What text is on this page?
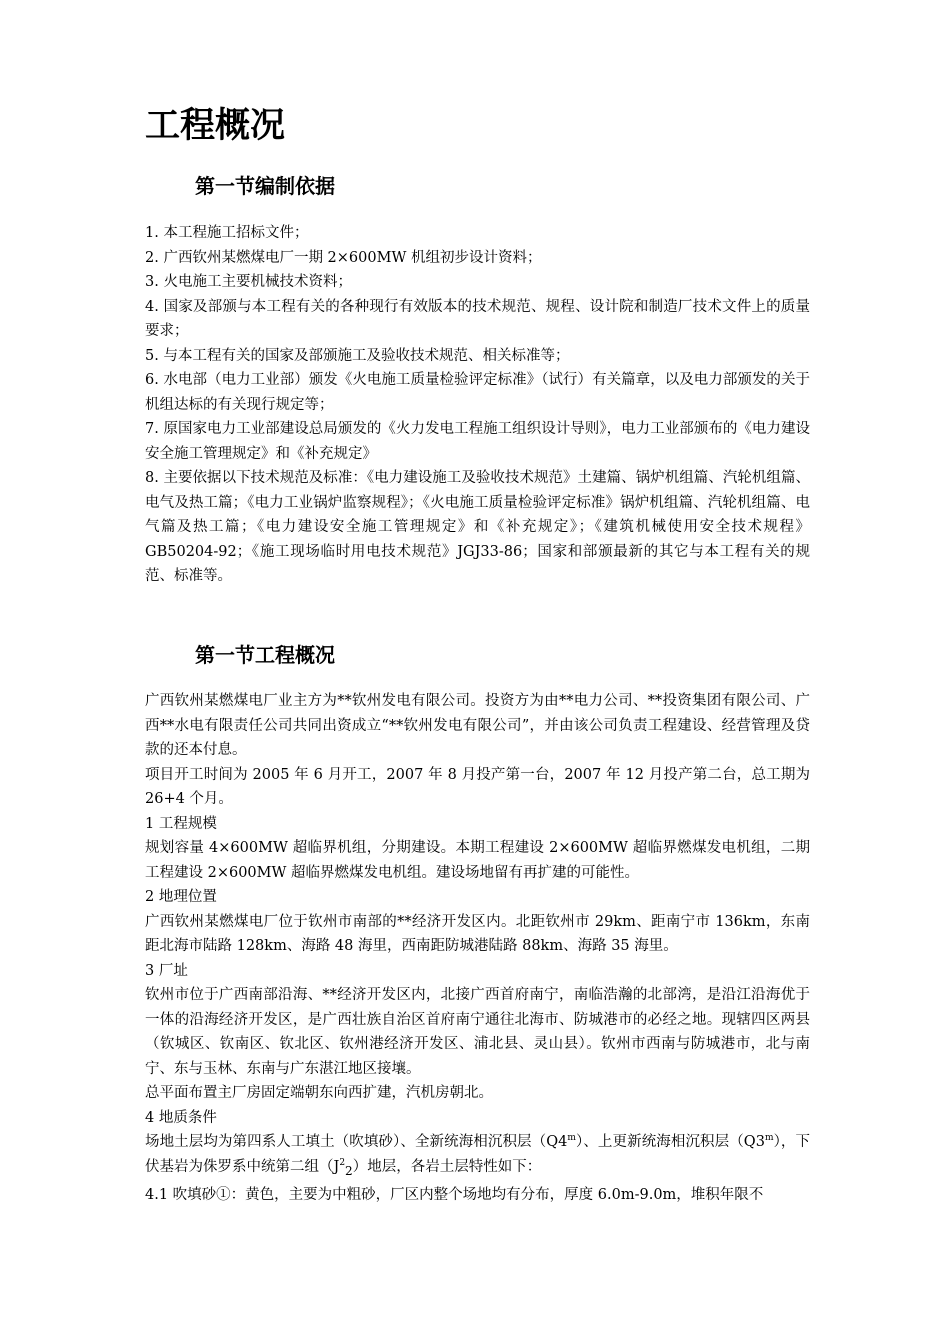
工程概况
第一节编制依据

1. 本工程施工招标文件；

2. 广西钦州某燃煤电厂一期 2×600MW 机组初步设计资料；

3. 火电施工主要机械技术资料；

4. 国家及部颁与本工程有关的各种现行有效版本的技术规范、规程、设计院和制造厂技术文件上的质量要求；

5. 与本工程有关的国家及部颁施工及验收技术规范、相关标准等；

6. 水电部（电力工业部）颁发《火电施工质量检验评定标准》（试行）有关篇章，以及电力部颁发的关于机组达标的有关现行规定等；

7. 原国家电力工业部建设总局颁发的《火力发电工程施工组织设计导则》，电力工业部颁布的《电力建设安全施工管理规定》和《补充规定》

8. 主要依据以下技术规范及标准：《电力建设施工及验收技术规范》土建篇、锅炉机组篇、汽轮机组篇、电气及热工篇；《电力工业锅炉监察规程》；《火电施工质量检验评定标准》锅炉机组篇、汽轮机组篇、电气篇及热工篇；《电力建设安全施工管理规定》和《补充规定》；《建筑机械使用安全技术规程》GB50204-92；《施工现场临时用电技术规范》JGJ33-86；国家和部颁最新的其它与本工程有关的规范、标准等。

第一节工程概况

广西钦州某燃煤电厂业主方为**钦州发电有限公司。投资方为由**电力公司、**投资集团有限公司、广西**水电有限责任公司共同出资成立“**钦州发电有限公司”，并由该公司负责工程建设、经营管理及贷款的还本付息。

项目开工时间为 2005 年 6 月开工，2007 年 8 月投产第一台，2007 年 12 月投产第二台，总工期为 26+4 个月。

1 工程规模

规划容量 4×600MW 超临界机组，分期建设。本期工程建设 2×600MW 超临界燃煤发电机组，二期工程建设 2×600MW 超临界燃煤发电机组。建设场地留有再扩建的可能性。

2 地理位置

广西钦州某燃煤电厂位于钦州市南部的**经济开发区内。北距钦州市 29km、距南宁市 136km，东南距北海市陆路 128km、海路 48 海里，西南距防城港陆路 88km、海路 35 海里。

3 厂址

钦州市位于广西南部沿海、**经济开发区内，北接广西首府南宁，南临浩瀚的北部湾，是沿江沿海优于一体的沿海经济开发区，是广西壮族自治区首府南宁通往北海市、防城港市的必经之地。现辖四区两县（钦城区、钦南区、钦北区、钦州港经济开发区、浦北县、灵山县）。钦州市西南与防城港市，北与南宁、东与玉林、东南与广东湛江地区接壤。

总平面布置主厂房固定端朝东向西扩建，汽机房朝北。

4 地质条件

场地土层均为第四系人工填土（吹填砂）、全新统海相沉积层（Q4$^m$）、上更新统海相沉积层（Q3$^m$），下伏基岩为侏罗系中统第二组$(J^2_2)$地层，各岩土层特性如下：

4.1 吹填砂①：黄色，主要为中粗砂，厂区内整个场地均有分布，厚度 6.0m-9.0m，堆积年限不
